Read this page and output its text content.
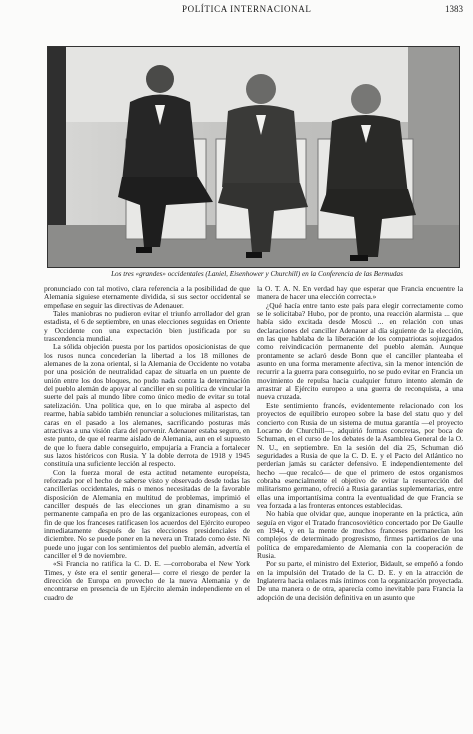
POLÍTICA INTERNACIONAL	1383
Los tres «grandes» occidentales (Laniel, Eisenhower y Churchill) en la Conferencia de las Bermudas

pronunciado con tal motivo, clara referencia a la posibilidad de que Alemania siguiese eternamente dividida, si sus sector occidental se empeñase en seguir las directivas de Adenauer.

Tales maniobras no pudieron evitar el triunfo arrollador del gran estadista, el 6 de septiembre, en unas elecciones seguidas en Oriente y Occidente con una expectación bien justificada por su trascendencia mundial.

La sólida objeción puesta por los partidos oposicionistas de que los rusos nunca concederían la libertad a los 18 millones de alemanes de la zona oriental, si la Alemania de Occidente no votaba por una posición de neutralidad capaz de situarla en un puente de unión entre los dos bloques, no pudo nada contra la determinación del pueblo alemán de apoyar al canciller en su política de vincular la suerte del país al mundo libre como único medio de evitar su total satelización. Una política que, en lo que miraba al aspecto del rearme, había sabido también renunciar a soluciones militaristas, tan caras en el pasado a los alemanes, sacrificando posturas más atractivas a una visión clara del porvenir. Adenauer estaba seguro, en este punto, de que el rearme aislado de Alemania, aun en el supuesto de que lo fuera dable conseguirlo, empujaría a Francia a fortalecer sus lazos históricos con Rusia. Y la doble derrota de 1918 y 1945 constituía una suficiente lección al respecto.

Con la fuerza moral de esta actitud netamente europeísta, reforzada por el hecho de saberse visto y observado desde todas las cancillerías occidentales, más o menos necesitadas de la favorable disposición de Alemania en multitud de problemas, imprimió el canciller después de las elecciones un gran dinamismo a su permanente campaña en pro de las organizaciones europeas, con el fin de que los franceses ratificasen los acuerdos del Ejército europeo inmediatamente después de las elecciones presidenciales de diciembre. No se puede poner en la nevera un Tratado como éste. Ni puede uno jugar con los sentimientos del pueblo alemán, advertía el canciller el 9 de noviembre.

«Si Francia no ratifica la C. D. E. —corroboraba el New York Times, y éste era el sentir general— corre el riesgo de perder la dirección de Europa en provecho de la nueva Alemania y de encontrarse en presencia de un Ejército alemán independiente en el cuadro de

la O. T. A. N. En verdad hay que esperar que Francia encuentre la manera de hacer una elección correcta.»

¿Qué hacía entre tanto este país para elegir correctamente como se le solicitaba? Hubo, por de pronto, una reacción alarmista ... que había sido excitada desde Moscú ... en relación con unas declaraciones del canciller Adenauer al día siguiente de la elección, en las que hablaba de la liberación de los compatriotas sojuzgados como reivindicación permanente del pueblo alemán. Aunque prontamente se aclaró desde Bonn que el canciller planteaba el asunto en una forma meramente afectiva, sin la menor intención de recurrir a la guerra para conseguirlo, no se pudo evitar en Francia un movimiento de repulsa hacia cualquier futuro intento alemán de arrastrar al Ejército europeo a una guerra de reconquista, a una nueva cruzada.

Este sentimiento francés, evidentemente relacionado con los proyectos de equilibrio europeo sobre la base del statu quo y del concierto con Rusia de un sistema de mutua garantía —el proyecto Locarno de Churchill—, adquirió formas concretas, por boca de Schuman, en el curso de los debates de la Asamblea General de la O. N. U., en septiembre. En la sesión del día 25, Schuman dió seguridades a Rusia de que la C. D. E. y el Pacto del Atlántico no perderían jamás su carácter defensivo. E independientemente del hecho —que recalcó— de que el primero de estos organismos cobraba esencialmente el objetivo de evitar la resurrección del militarismo germano, ofreció a Rusia garantías suplementarias, entre ellas una importantísima contra la eventualidad de que Francia se vea forzada a las fronteras entonces establecidas.

No había que olvidar que, aunque inoperante en la práctica, aún seguía en vigor el Tratado francosoviético concertado por De Gaulle en 1944, y en la mente de muchos franceses permanecían los complejos de determinado progresismo, firmes partidarios de una política de emparedamiento de Alemania con la cooperación de Rusia.

Por su parte, el ministro del Exterior, Bidault, se empeñó a fondo en la impulsión del Tratado de la C. D. E. y en la atracción de Inglaterra hacia enlaces más íntimos con la organización proyectada. De una manera o de otra, aparecía como inevitable para Francia la adopción de una decisión definitiva en un asunto que
